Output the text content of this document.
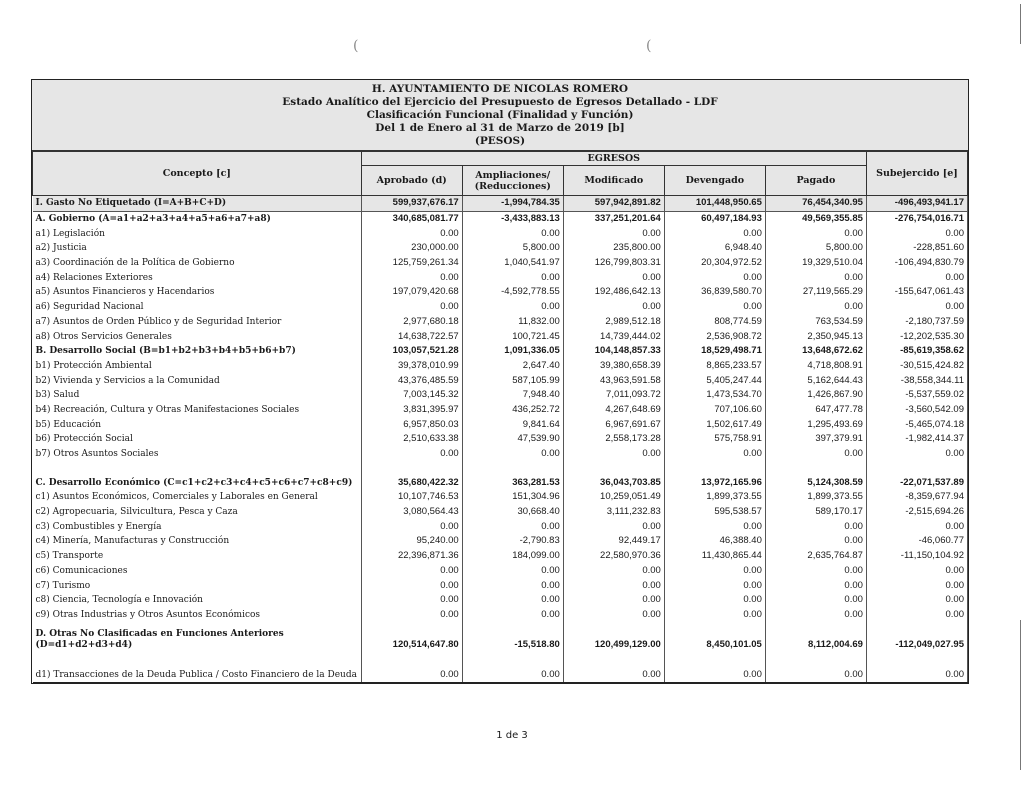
(	(
H. AYUNTAMIENTO DE NICOLAS ROMERO
Estado Analítico del Ejercicio del Presupuesto de Egresos Detallado - LDF
Clasificación Funcional (Finalidad y Función)
Del 1 de Enero al 31 de Marzo de 2019 [b]
(PESOS)
Concepto [c]	EGRESOS					Subejercido [e]
	Aprobado (d)	Ampliaciones/ (Reducciones)	Modificado	Devengado	Pagado	
I. Gasto No Etiquetado (I=A+B+C+D)	599,937,676.17	-1,994,784.35	597,942,891.82	101,448,950.65	76,454,340.95	-496,493,941.17
A. Gobierno (A=a1+a2+a3+a4+a5+a6+a7+a8)	340,685,081.77	-3,433,883.13	337,251,201.64	60,497,184.93	49,569,355.85	-276,754,016.71
a1) Legislación	0.00	0.00	0.00	0.00	0.00	0.00
a2) Justicia	230,000.00	5,800.00	235,800.00	6,948.40	5,800.00	-228,851.60
a3) Coordinación de la Política de Gobierno	125,759,261.34	1,040,541.97	126,799,803.31	20,304,972.52	19,329,510.04	-106,494,830.79
a4) Relaciones Exteriores	0.00	0.00	0.00	0.00	0.00	0.00
a5) Asuntos Financieros y Hacendarios	197,079,420.68	-4,592,778.55	192,486,642.13	36,839,580.70	27,119,565.29	-155,647,061.43
a6) Seguridad Nacional	0.00	0.00	0.00	0.00	0.00	0.00
a7) Asuntos de Orden Público y de Seguridad Interior	2,977,680.18	11,832.00	2,989,512.18	808,774.59	763,534.59	-2,180,737.59
a8) Otros Servicios Generales	14,638,722.57	100,721.45	14,739,444.02	2,536,908.72	2,350,945.13	-12,202,535.30
B. Desarrollo Social (B=b1+b2+b3+b4+b5+b6+b7)	103,057,521.28	1,091,336.05	104,148,857.33	18,529,498.71	13,648,672.62	-85,619,358.62
b1) Protección Ambiental	39,378,010.99	2,647.40	39,380,658.39	8,865,233.57	4,718,808.91	-30,515,424.82
b2) Vivienda y Servicios a la Comunidad	43,376,485.59	587,105.99	43,963,591.58	5,405,247.44	5,162,644.43	-38,558,344.11
b3) Salud	7,003,145.32	7,948.40	7,011,093.72	1,473,534.70	1,426,867.90	-5,537,559.02
b4) Recreación, Cultura y Otras Manifestaciones Sociales	3,831,395.97	436,252.72	4,267,648.69	707,106.60	647,477.78	-3,560,542.09
b5) Educación	6,957,850.03	9,841.64	6,967,691.67	1,502,617.49	1,295,493.69	-5,465,074.18
b6) Protección Social	2,510,633.38	47,539.90	2,558,173.28	575,758.91	397,379.91	-1,982,414.37
b7) Otros Asuntos Sociales	0.00	0.00	0.00	0.00	0.00	0.00

C. Desarrollo Económico (C=c1+c2+c3+c4+c5+c6+c7+c8+c9)	35,680,422.32	363,281.53	36,043,703.85	13,972,165.96	5,124,308.59	-22,071,537.89
c1) Asuntos Económicos, Comerciales y Laborales en General	10,107,746.53	151,304.96	10,259,051.49	1,899,373.55	1,899,373.55	-8,359,677.94
c2) Agropecuaria, Silvicultura, Pesca y Caza	3,080,564.43	30,668.40	3,111,232.83	595,538.57	589,170.17	-2,515,694.26
c3) Combustibles y Energía	0.00	0.00	0.00	0.00	0.00	0.00
c4) Minería, Manufacturas y Construcción	95,240.00	-2,790.83	92,449.17	46,388.40	0.00	-46,060.77
c5) Transporte	22,396,871.36	184,099.00	22,580,970.36	11,430,865.44	2,635,764.87	-11,150,104.92
c6) Comunicaciones	0.00	0.00	0.00	0.00	0.00	0.00
c7) Turismo	0.00	0.00	0.00	0.00	0.00	0.00
c8) Ciencia, Tecnología e Innovación	0.00	0.00	0.00	0.00	0.00	0.00
c9) Otras Industrias y Otros Asuntos Económicos	0.00	0.00	0.00	0.00	0.00	0.00
D. Otras No Clasificadas en Funciones Anteriores (D=d1+d2+d3+d4)	120,514,647.80	-15,518.80	120,499,129.00	8,450,101.05	8,112,004.69	-112,049,027.95
d1) Transacciones de la Deuda Publica / Costo Financiero de la Deuda	0.00	0.00	0.00	0.00	0.00	0.00
1 de 3
